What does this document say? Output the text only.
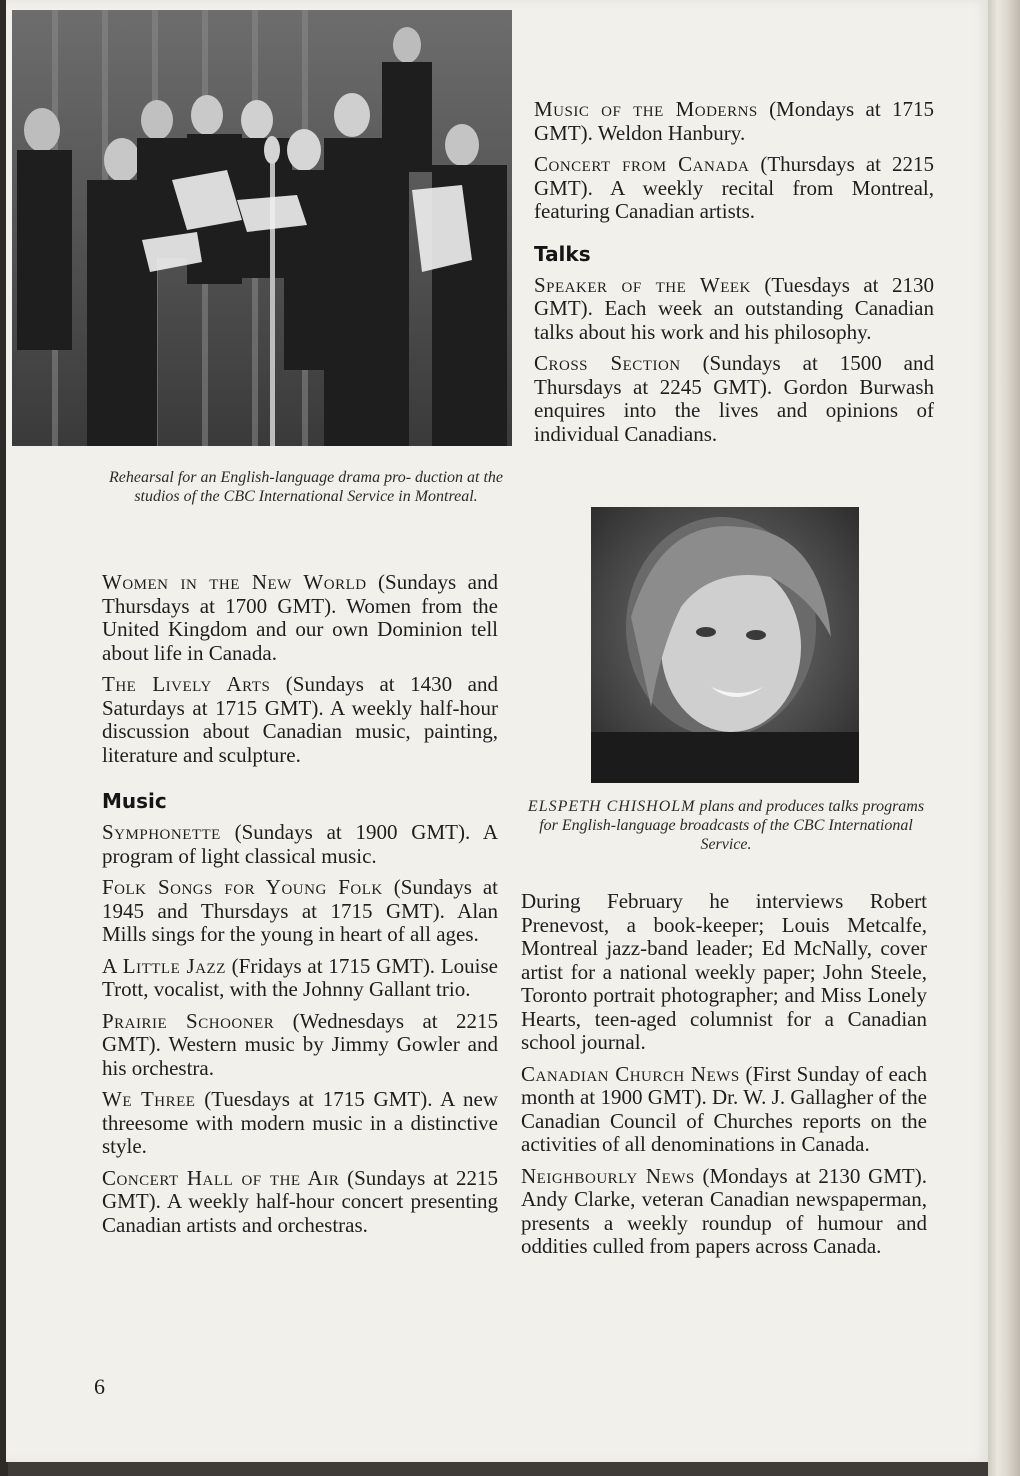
Rehearsal for an English-language drama pro- duction at the studios of the CBC International Service in Montreal.
ELSPETH CHISHOLM plans and produces talks programs for English-language broadcasts of the CBC International Service.

Women in the New World (Sundays and Thursdays at 1700 GMT). Women from the United Kingdom and our own Dominion tell about life in Canada.

The Lively Arts (Sundays at 1430 and Saturdays at 1715 GMT). A weekly half-hour discussion about Canadian music, painting, literature and sculpture.

Music

Symphonette (Sundays at 1900 GMT). A program of light classical music.

Folk Songs for Young Folk (Sundays at 1945 and Thursdays at 1715 GMT). Alan Mills sings for the young in heart of all ages.

A Little Jazz (Fridays at 1715 GMT). Louise Trott, vocalist, with the Johnny Gallant trio.

Prairie Schooner (Wednesdays at 2215 GMT). Western music by Jimmy Gowler and his orchestra.

We Three (Tuesdays at 1715 GMT). A new threesome with modern music in a distinctive style.

Concert Hall of the Air (Sundays at 2215 GMT). A weekly half-hour concert presenting Canadian artists and orchestras.

Music of the Moderns (Mondays at 1715 GMT). Weldon Hanbury.

Concert from Canada (Thursdays at 2215 GMT). A weekly recital from Montreal, featuring Canadian artists.

Talks

Speaker of the Week (Tuesdays at 2130 GMT). Each week an outstanding Canadian talks about his work and his philosophy.

Cross Section (Sundays at 1500 and Thursdays at 2245 GMT). Gordon Burwash enquires into the lives and opinions of individual Canadians.

During February he interviews Robert Prenevost, a book-keeper; Louis Metcalfe, Montreal jazz-band leader; Ed McNally, cover artist for a national weekly paper; John Steele, Toronto portrait photographer; and Miss Lonely Hearts, teen-aged columnist for a Canadian school journal.

Canadian Church News (First Sunday of each month at 1900 GMT). Dr. W. J. Gallagher of the Canadian Council of Churches reports on the activities of all denominations in Canada.

Neighbourly News (Mondays at 2130 GMT). Andy Clarke, veteran Canadian newspaperman, presents a weekly roundup of humour and oddities culled from papers across Canada.

6
